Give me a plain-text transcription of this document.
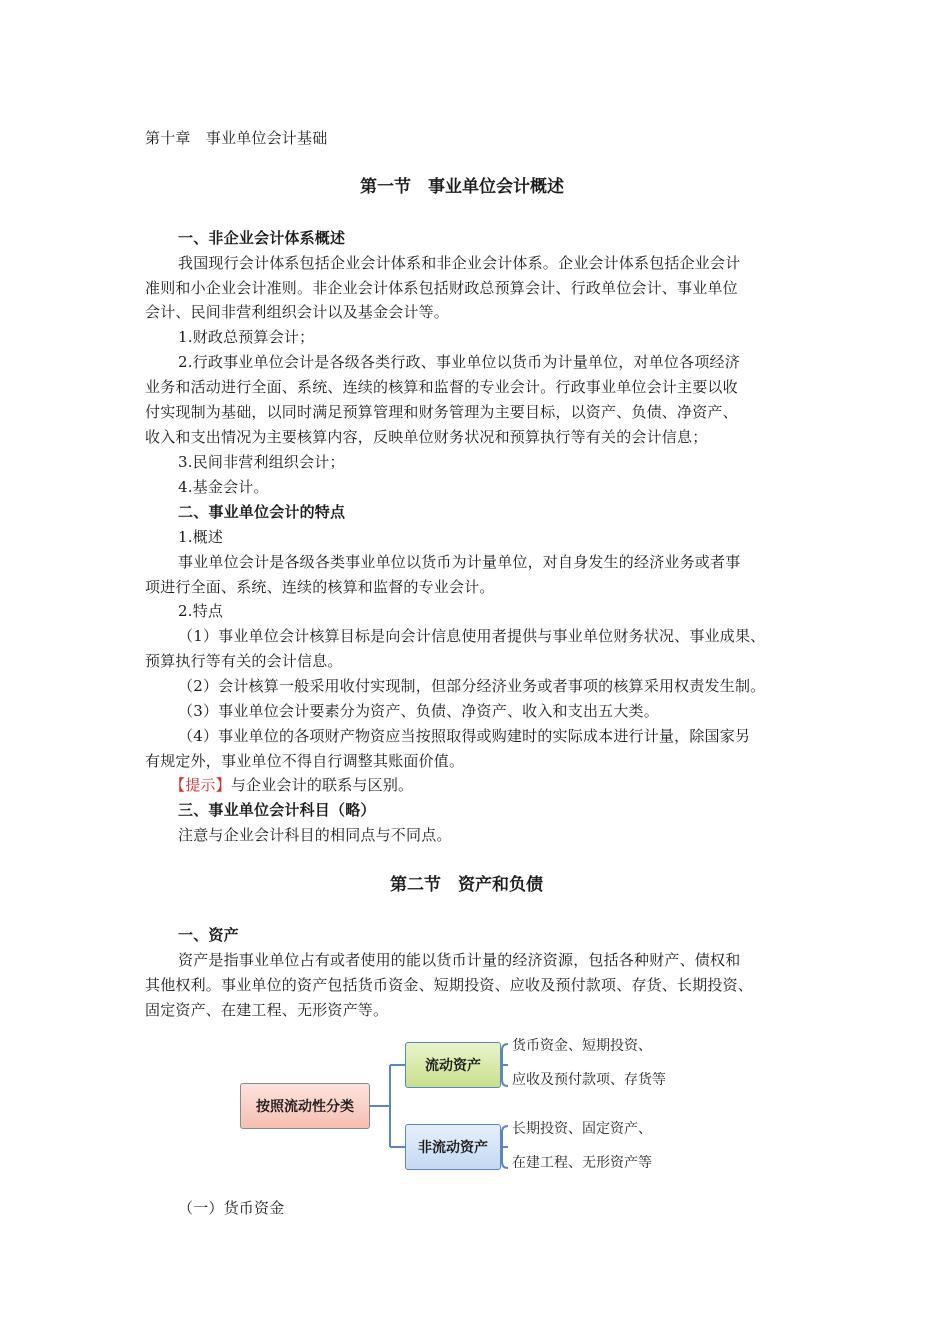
第十章　事业单位会计基础
第一节　事业单位会计概述
一、非企业会计体系概述
我国现行会计体系包括企业会计体系和非企业会计体系。企业会计体系包括企业会计
准则和小企业会计准则。非企业会计体系包括财政总预算会计、行政单位会计、事业单位
会计、民间非营利组织会计以及基金会计等。
1.财政总预算会计；
2.行政事业单位会计是各级各类行政、事业单位以货币为计量单位，对单位各项经济
业务和活动进行全面、系统、连续的核算和监督的专业会计。行政事业单位会计主要以收
付实现制为基础，以同时满足预算管理和财务管理为主要目标，以资产、负债、净资产、
收入和支出情况为主要核算内容，反映单位财务状况和预算执行等有关的会计信息；
3.民间非营利组织会计；
4.基金会计。
二、事业单位会计的特点
1.概述
事业单位会计是各级各类事业单位以货币为计量单位，对自身发生的经济业务或者事
项进行全面、系统、连续的核算和监督的专业会计。
2.特点
（1）事业单位会计核算目标是向会计信息使用者提供与事业单位财务状况、事业成果、
预算执行等有关的会计信息。
（2）会计核算一般采用收付实现制，但部分经济业务或者事项的核算采用权责发生制。
（3）事业单位会计要素分为资产、负债、净资产、收入和支出五大类。
（4）事业单位的各项财产物资应当按照取得或购建时的实际成本进行计量，除国家另
有规定外，事业单位不得自行调整其账面价值。
【提示】与企业会计的联系与区别。
三、事业单位会计科目（略）
注意与企业会计科目的相同点与不同点。
第二节　资产和负债
一、资产
资产是指事业单位占有或者使用的能以货币计量的经济资源，包括各种财产、债权和
其他权利。事业单位的资产包括货币资金、短期投资、应收及预付款项、存货、长期投资、
固定资产、在建工程、无形资产等。
按照流动性分类
流动资产
非流动资产
货币资金、短期投资、
应收及预付款项、存货等
长期投资、固定资产、
在建工程、无形资产等
（一）货币资金
